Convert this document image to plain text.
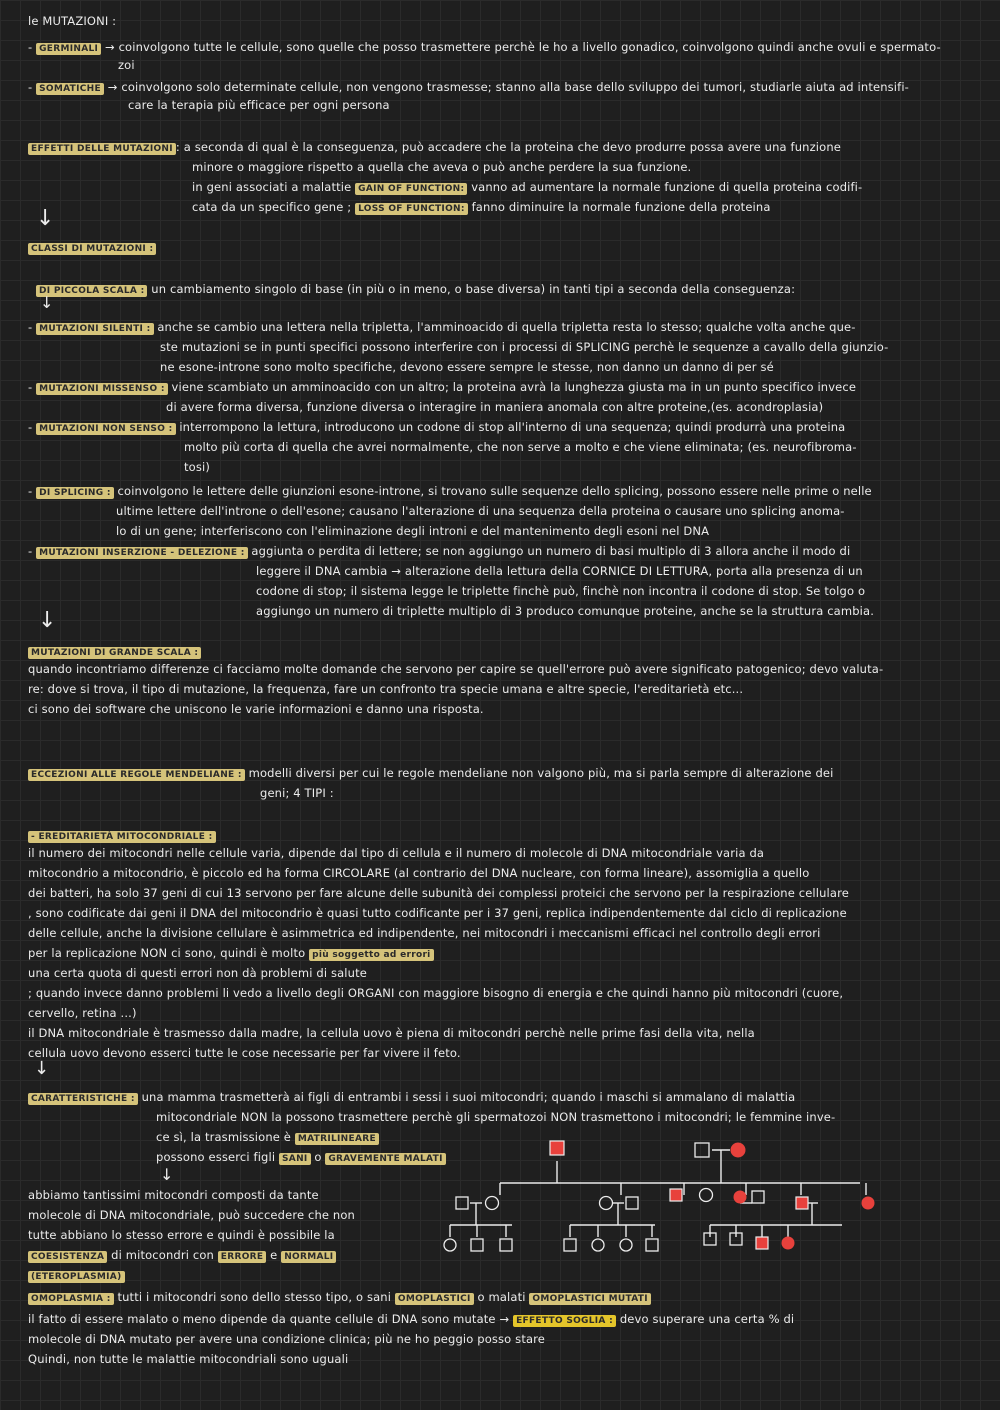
le MUTAZIONI :
- GERMINALI → coinvolgono tutte le cellule, sono quelle che posso trasmettere perchè le ho a livello gonadico, coinvolgono quindi anche ovuli e spermato-
zoi
- SOMATICHE → coinvolgono solo determinate cellule, non vengono trasmesse; stanno alla base dello sviluppo dei tumori, studiarle aiuta ad intensifi-
care la terapia più efficace per ogni persona
EFFETTI DELLE MUTAZIONI : a seconda di qual è la conseguenza, può accadere che la proteina che devo produrre possa avere una funzione
minore o maggiore rispetto a quella che aveva o può anche perdere la sua funzione.
in geni associati a malattie GAIN OF FUNCTION: vanno ad aumentare la normale funzione di quella proteina codifi-
cata da un specifico gene ; LOSS OF FUNCTION: fanno diminuire la normale funzione della proteina
↓
CLASSI DI MUTAZIONI :
DI PICCOLA SCALA : un cambiamento singolo di base (in più o in meno, o base diversa) in tanti tipi a seconda della conseguenza:
↓
- MUTAZIONI SILENTI : anche se cambio una lettera nella tripletta, l'amminoacido di quella tripletta resta lo stesso; qualche volta anche que-
ste mutazioni se in punti specifici possono interferire con i processi di SPLICING perchè le sequenze a cavallo della giunzio-
ne esone-introne sono molto specifiche, devono essere sempre le stesse, non danno un danno di per sé
- MUTAZIONI MISSENSO : viene scambiato un amminoacido con un altro; la proteina avrà la lunghezza giusta ma in un punto specifico invece
di avere forma diversa, funzione diversa o interagire in maniera anomala con altre proteine,(es. acondroplasia)
- MUTAZIONI NON SENSO : interrompono la lettura, introducono un codone di stop all'interno di una sequenza; quindi produrrà una proteina
molto più corta di quella che avrei normalmente, che non serve a molto e che viene eliminata; (es. neurofibroma-
tosi)
- DI SPLICING : coinvolgono le lettere delle giunzioni esone-introne, si trovano sulle sequenze dello splicing, possono essere nelle prime o nelle
ultime lettere dell'introne o dell'esone; causano l'alterazione di una sequenza della proteina o causare uno splicing anoma-
lo di un gene; interferiscono con l'eliminazione degli introni e del mantenimento degli esoni nel DNA
- MUTAZIONI INSERZIONE - DELEZIONE : aggiunta o perdita di lettere; se non aggiungo un numero di basi multiplo di 3 allora anche il modo di
leggere il DNA cambia → alterazione della lettura della CORNICE DI LETTURA, porta alla presenza di un
codone di stop; il sistema legge le triplette finchè può, finchè non incontra il codone di stop. Se tolgo o
aggiungo un numero di triplette multiplo di 3 produco comunque proteine, anche se la struttura cambia.
↓
MUTAZIONI DI GRANDE SCALA :
quando incontriamo differenze ci facciamo molte domande che servono per capire se quell'errore può avere significato patogenico; devo valuta-
re: dove si trova, il tipo di mutazione, la frequenza, fare un confronto tra specie umana e altre specie, l'ereditarietà etc...
ci sono dei software che uniscono le varie informazioni e danno una risposta.
ECCEZIONI ALLE REGOLE MENDELIANE : modelli diversi per cui le regole mendeliane non valgono più, ma si parla sempre di alterazione dei
geni; 4 TIPI :
- EREDITARIETÀ MITOCONDRIALE :
il numero dei mitocondri nelle cellule varia, dipende dal tipo di cellula e il numero di molecole di DNA mitocondriale varia da
mitocondrio a mitocondrio, è piccolo ed ha forma CIRCOLARE (al contrario del DNA nucleare, con forma lineare), assomiglia a quello
dei batteri, ha solo 37 geni di cui 13 servono per fare alcune delle subunità dei complessi proteici che servono per la respirazione cellulare
, sono codificate dai geni il DNA del mitocondrio è quasi tutto codificante per i 37 geni, replica indipendentemente dal ciclo di replicazione
delle cellule, anche la divisione cellulare è asimmetrica ed indipendente, nei mitocondri i meccanismi efficaci nel controllo degli errori
per la replicazione NON ci sono, quindi è molto più soggetto ad errori
una certa quota di questi errori non dà problemi di salute
; quando invece danno problemi li vedo a livello degli ORGANI con maggiore bisogno di energia e che quindi hanno più mitocondri (cuore,
cervello, retina ...)
il DNA mitocondriale è trasmesso dalla madre, la cellula uovo è piena di mitocondri perchè nelle prime fasi della vita, nella
cellula uovo devono esserci tutte le cose necessarie per far vivere il feto.
↓
CARATTERISTICHE : una mamma trasmetterà ai figli di entrambi i sessi i suoi mitocondri; quando i maschi si ammalano di malattia
mitocondriale NON la possono trasmettere perchè gli spermatozoi NON trasmettono i mitocondri; le femmine inve-
ce sì, la trasmissione è MATRILINEARE
possono esserci figli SANI o GRAVEMENTE MALATI
↓
abbiamo tantissimi mitocondri composti da tante
molecole di DNA mitocondriale, può succedere che non
tutte abbiano lo stesso errore e quindi è possibile la
COESISTENZA di mitocondri con ERRORE e NORMALI
(ETEROPLASMIA)
OMOPLASMIA : tutti i mitocondri sono dello stesso tipo, o sani OMOPLASTICI o malati OMOPLASTICI MUTATI
il fatto di essere malato o meno dipende da quante cellule di DNA sono mutate → EFFETTO SOGLIA : devo superare una certa % di
molecole di DNA mutato per avere una condizione clinica; più ne ho peggio posso stare
Quindi, non tutte le malattie mitocondriali sono uguali
